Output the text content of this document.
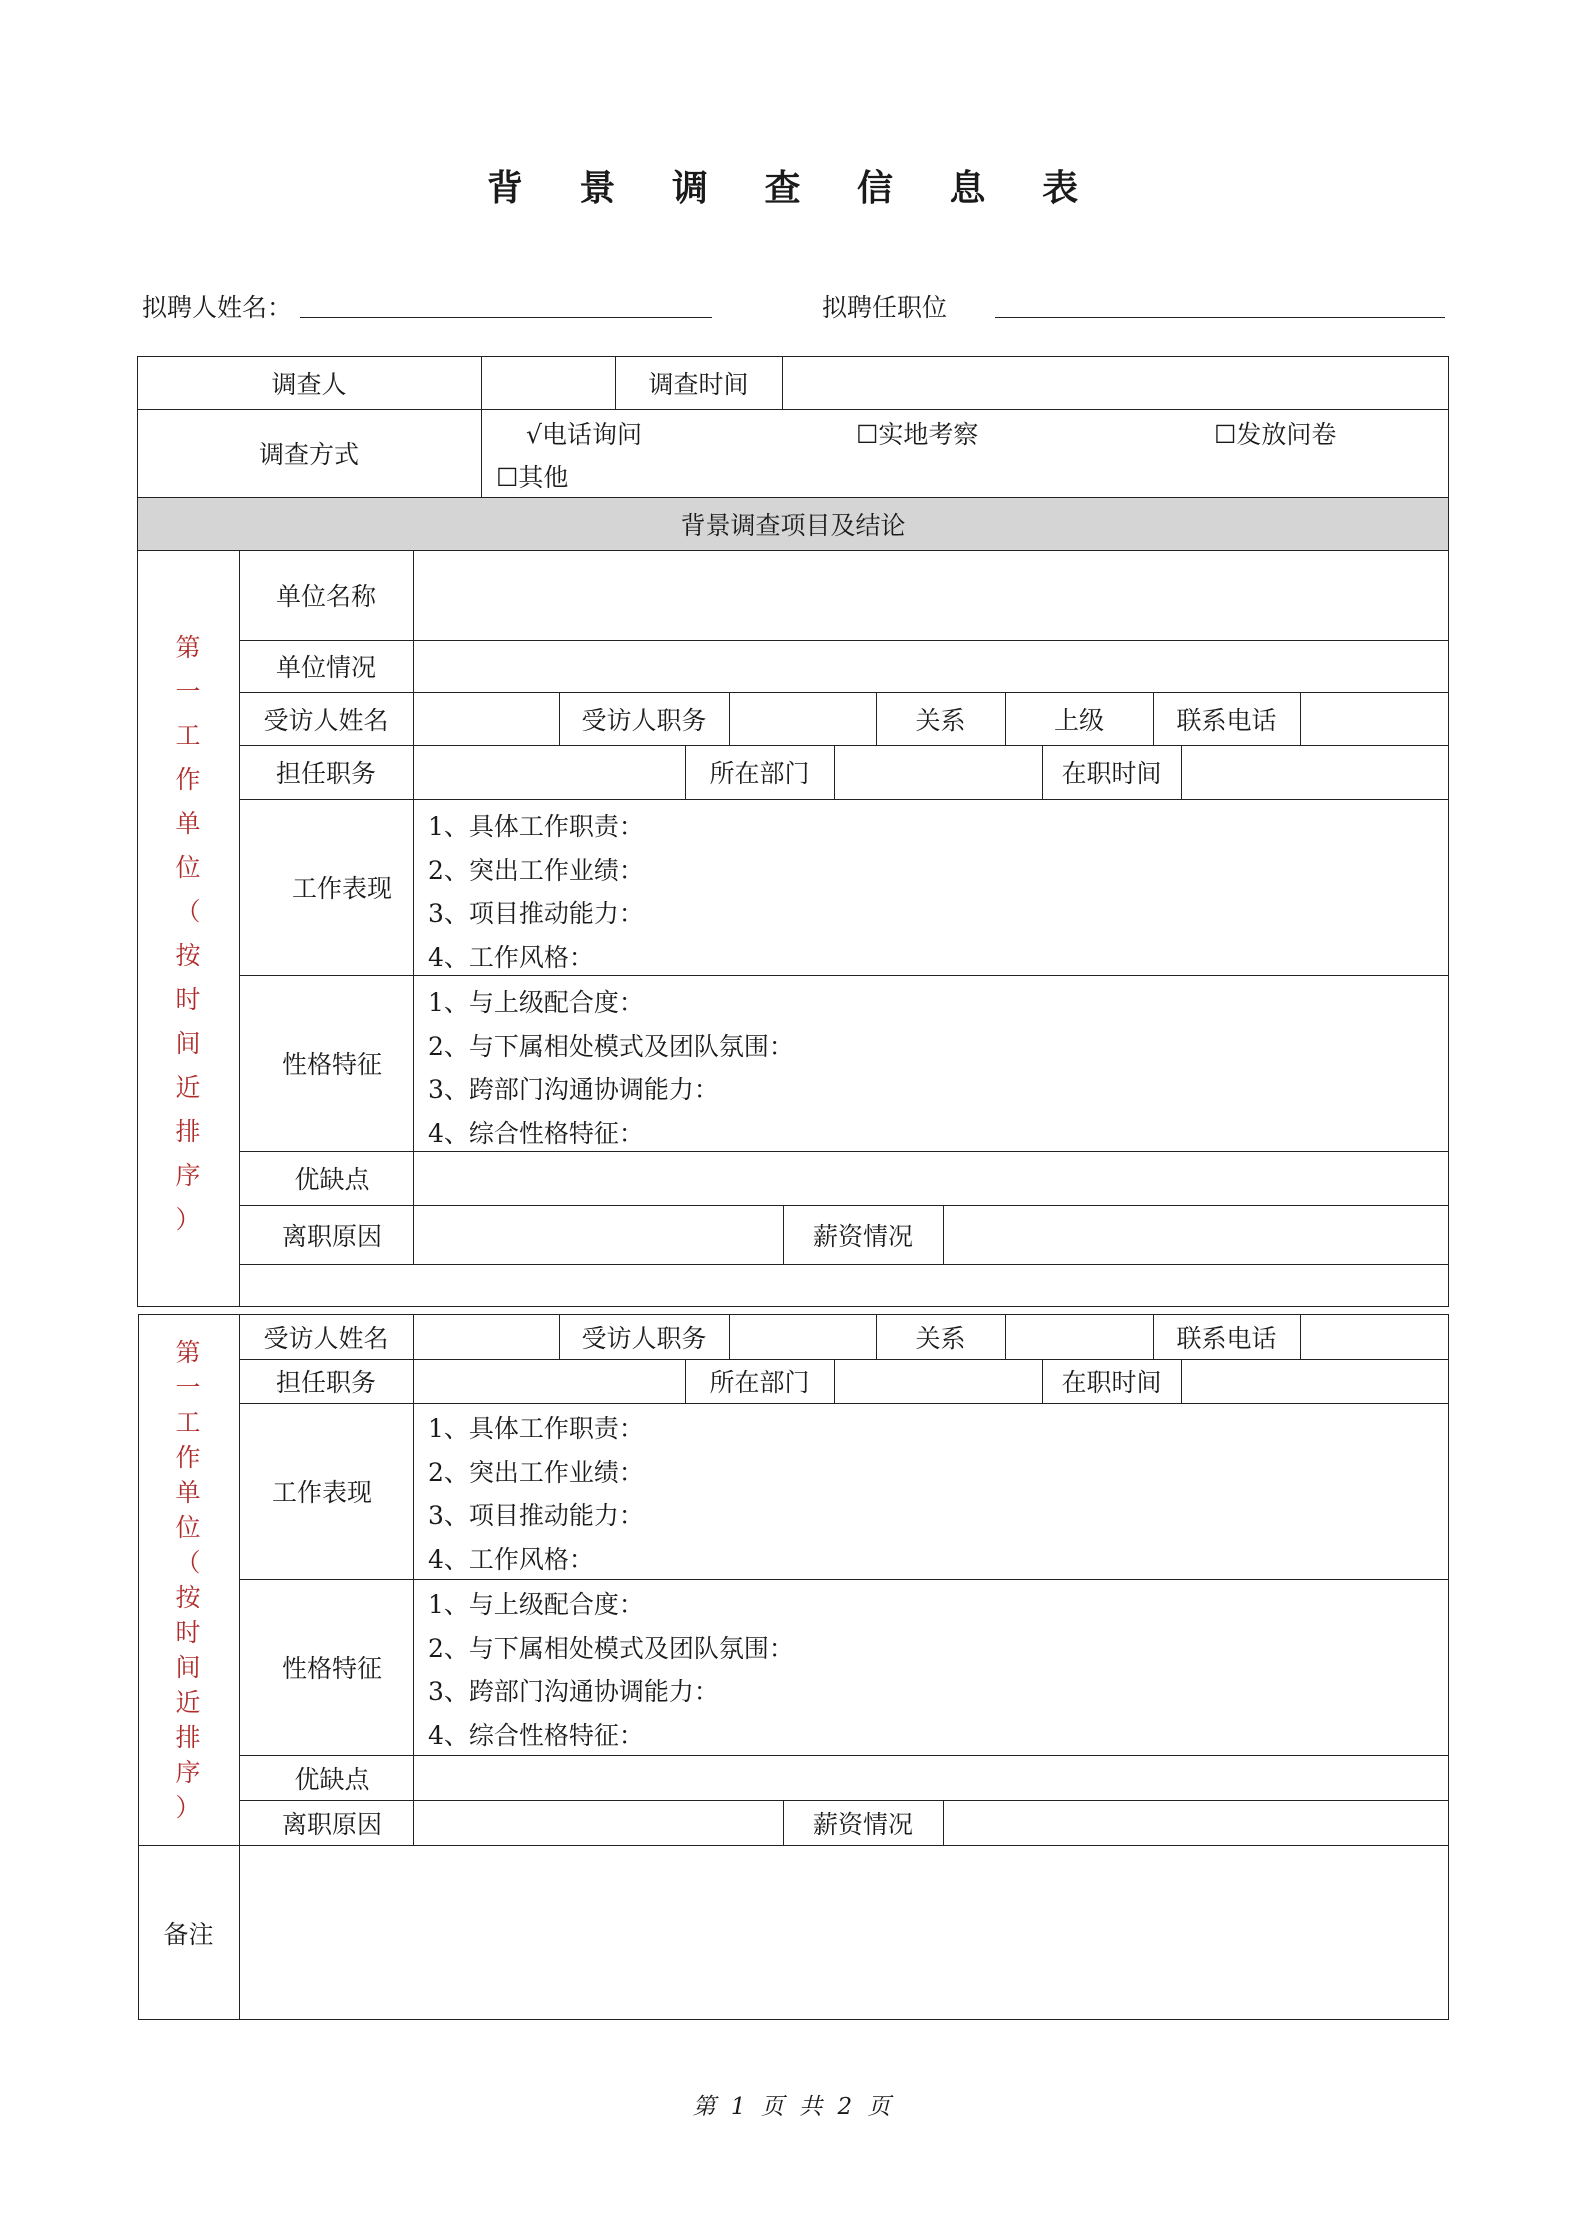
背 景 调 查 信 息 表
拟聘人姓名：	拟聘任职位
调查人	调查时间
调查方式
√电话询问	☐实地考察	☐发放问卷
☐其他
背景调查项目及结论
第
一
工
作
单
位
（
按
时
间
近
排
序
）
单位名称
单位情况
受访人姓名	受访人职务	关系	上级	联系电话
担任职务	所在部门	在职时间
工作表现
1、具体工作职责：
2、突出工作业绩：
3、项目推动能力：
4、工作风格：
性格特征
1、与上级配合度：
2、与下属相处模式及团队氛围：
3、跨部门沟通协调能力：
4、综合性格特征：
优缺点
离职原因	薪资情况
第
一
工
作
单
位
（
按
时
间
近
排
序
）
受访人姓名	受访人职务	关系	联系电话
担任职务	所在部门	在职时间
工作表现
1、具体工作职责：
2、突出工作业绩：
3、项目推动能力：
4、工作风格：
性格特征
1、与上级配合度：
2、与下属相处模式及团队氛围：
3、跨部门沟通协调能力：
4、综合性格特征：
优缺点
离职原因	薪资情况
备注
第 1 页 共 2 页
